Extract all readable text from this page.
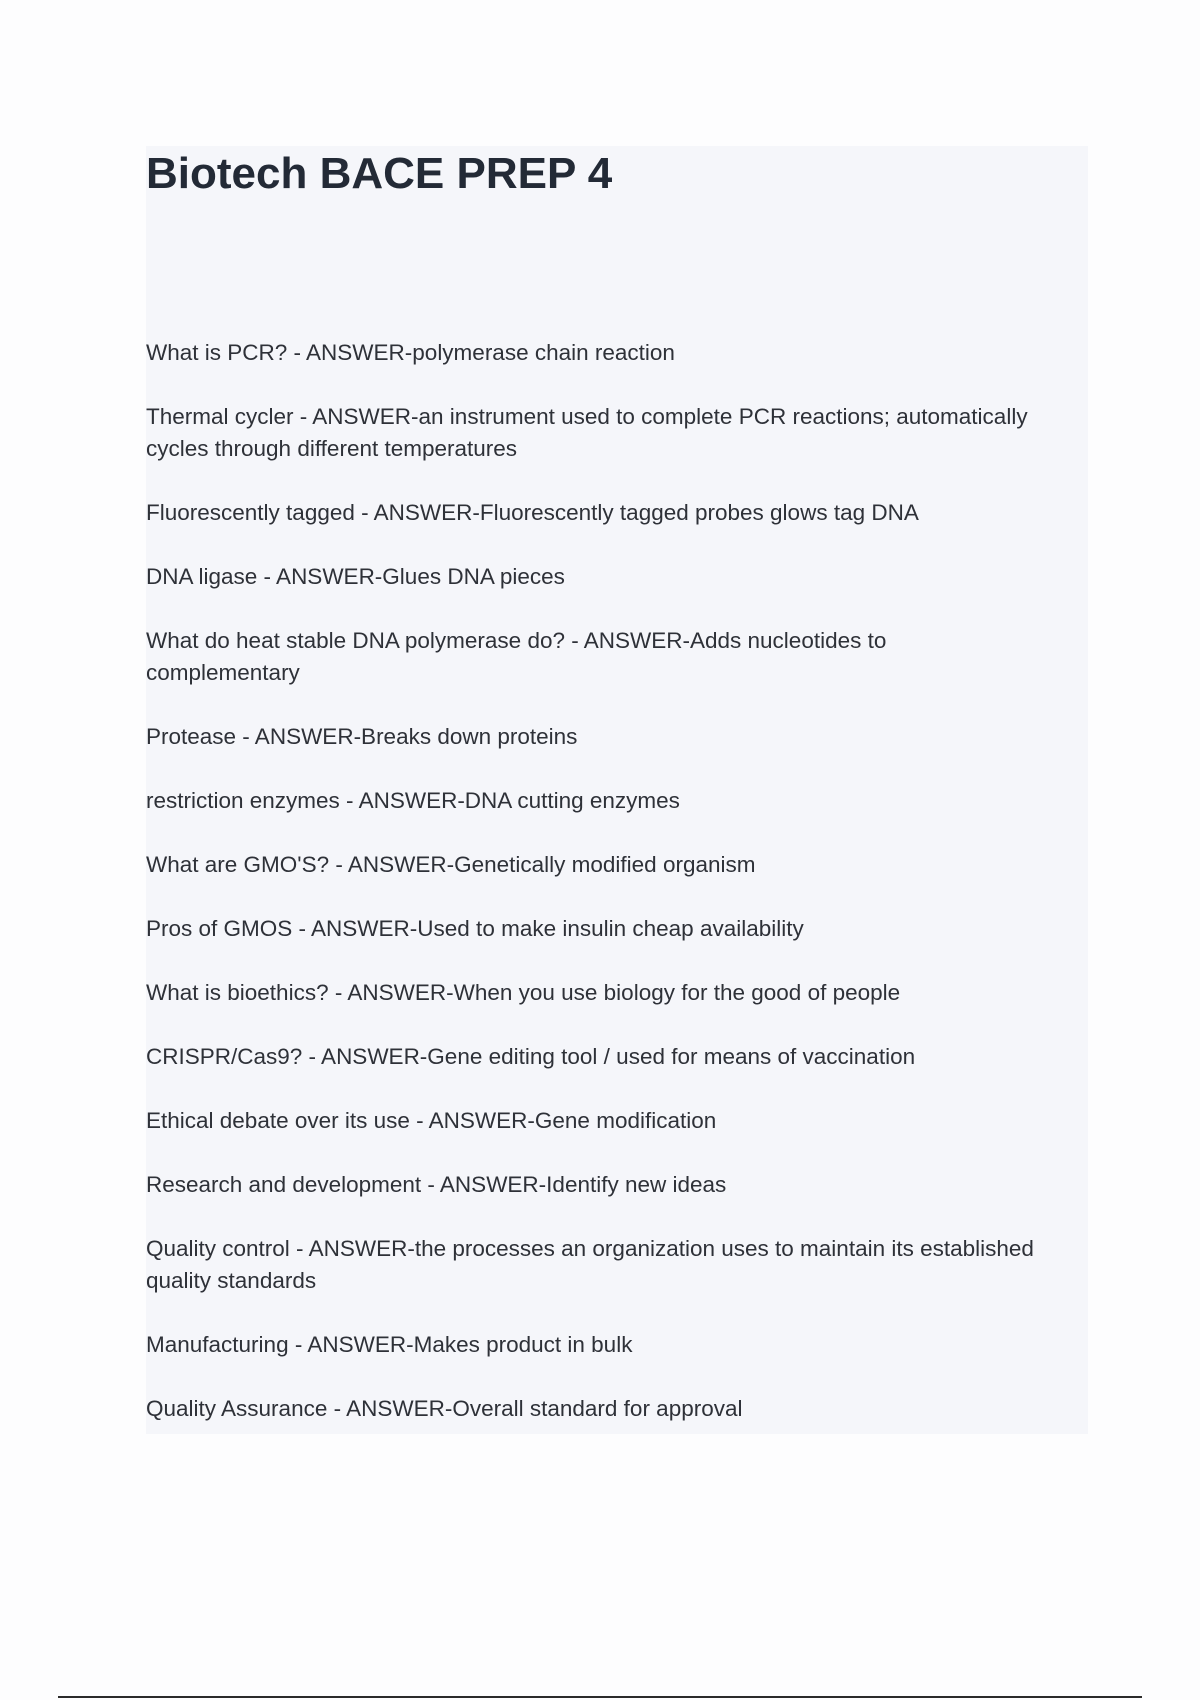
Biotech BACE PREP 4
What is PCR? - ANSWER-polymerase chain reaction
Thermal cycler - ANSWER-an instrument used to complete PCR reactions; automatically cycles through different temperatures
Fluorescently tagged - ANSWER-Fluorescently tagged probes glows tag DNA
DNA ligase - ANSWER-Glues DNA pieces
What do heat stable DNA polymerase do? - ANSWER-Adds nucleotides to complementary
Protease - ANSWER-Breaks down proteins
restriction enzymes - ANSWER-DNA cutting enzymes
What are GMO'S? - ANSWER-Genetically modified organism
Pros of GMOS - ANSWER-Used to make insulin cheap availability
What is bioethics? - ANSWER-When you use biology for the good of people
CRISPR/Cas9? - ANSWER-Gene editing tool / used for means of vaccination
Ethical debate over its use - ANSWER-Gene modification
Research and development - ANSWER-Identify new ideas
Quality control - ANSWER-the processes an organization uses to maintain its established quality standards
Manufacturing - ANSWER-Makes product in bulk
Quality Assurance - ANSWER-Overall standard for approval
